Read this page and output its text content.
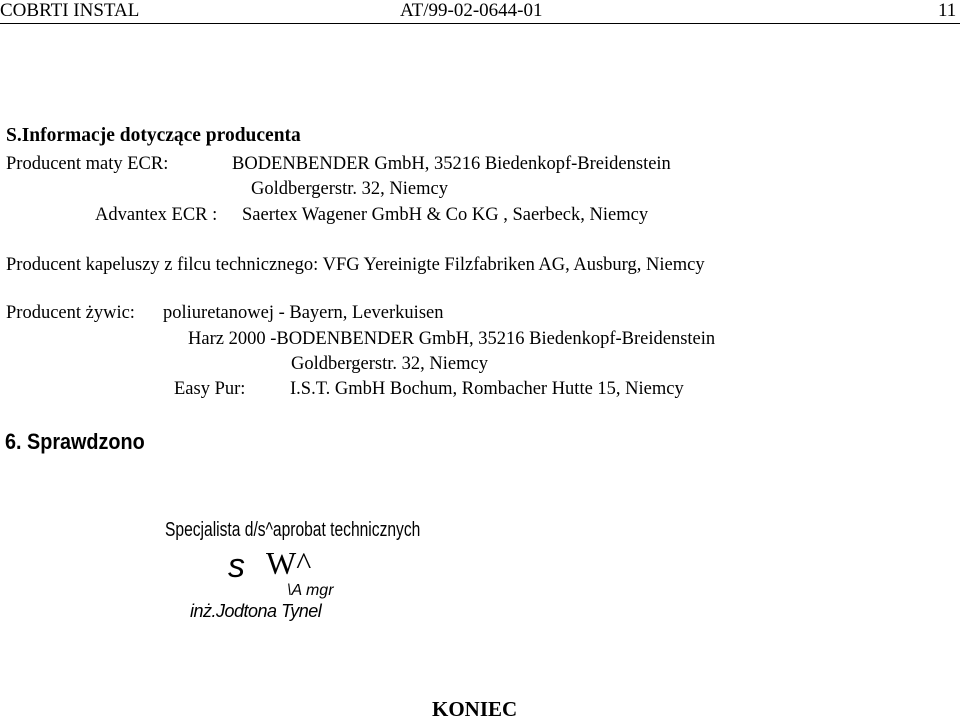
COBRTI INSTAL	AT/99-02-0644-01	11
S.Informacje dotyczące producenta
Producent maty ECR:	BODENBENDER GmbH, 35216 Biedenkopf-Breidenstein
Goldbergerstr. 32, Niemcy
Advantex ECR : Saertex Wagener GmbH & Co KG , Saerbeck, Niemcy
Producent kapeluszy z filcu technicznego: VFG Yereinigte Filzfabriken AG, Ausburg, Niemcy
Producent żywic: poliuretanowej - Bayern, Leverkuisen
Harz 2000 -BODENBENDER GmbH, 35216 Biedenkopf-Breidenstein
Goldbergerstr. 32, Niemcy
Easy Pur: I.S.T. GmbH Bochum, Rombacher Hutte 15, Niemcy
6. Sprawdzono
Specjalista d/s^aprobat technicznych
s W^
\A mgr
inż.Jodtona Tynel
KONIEC
